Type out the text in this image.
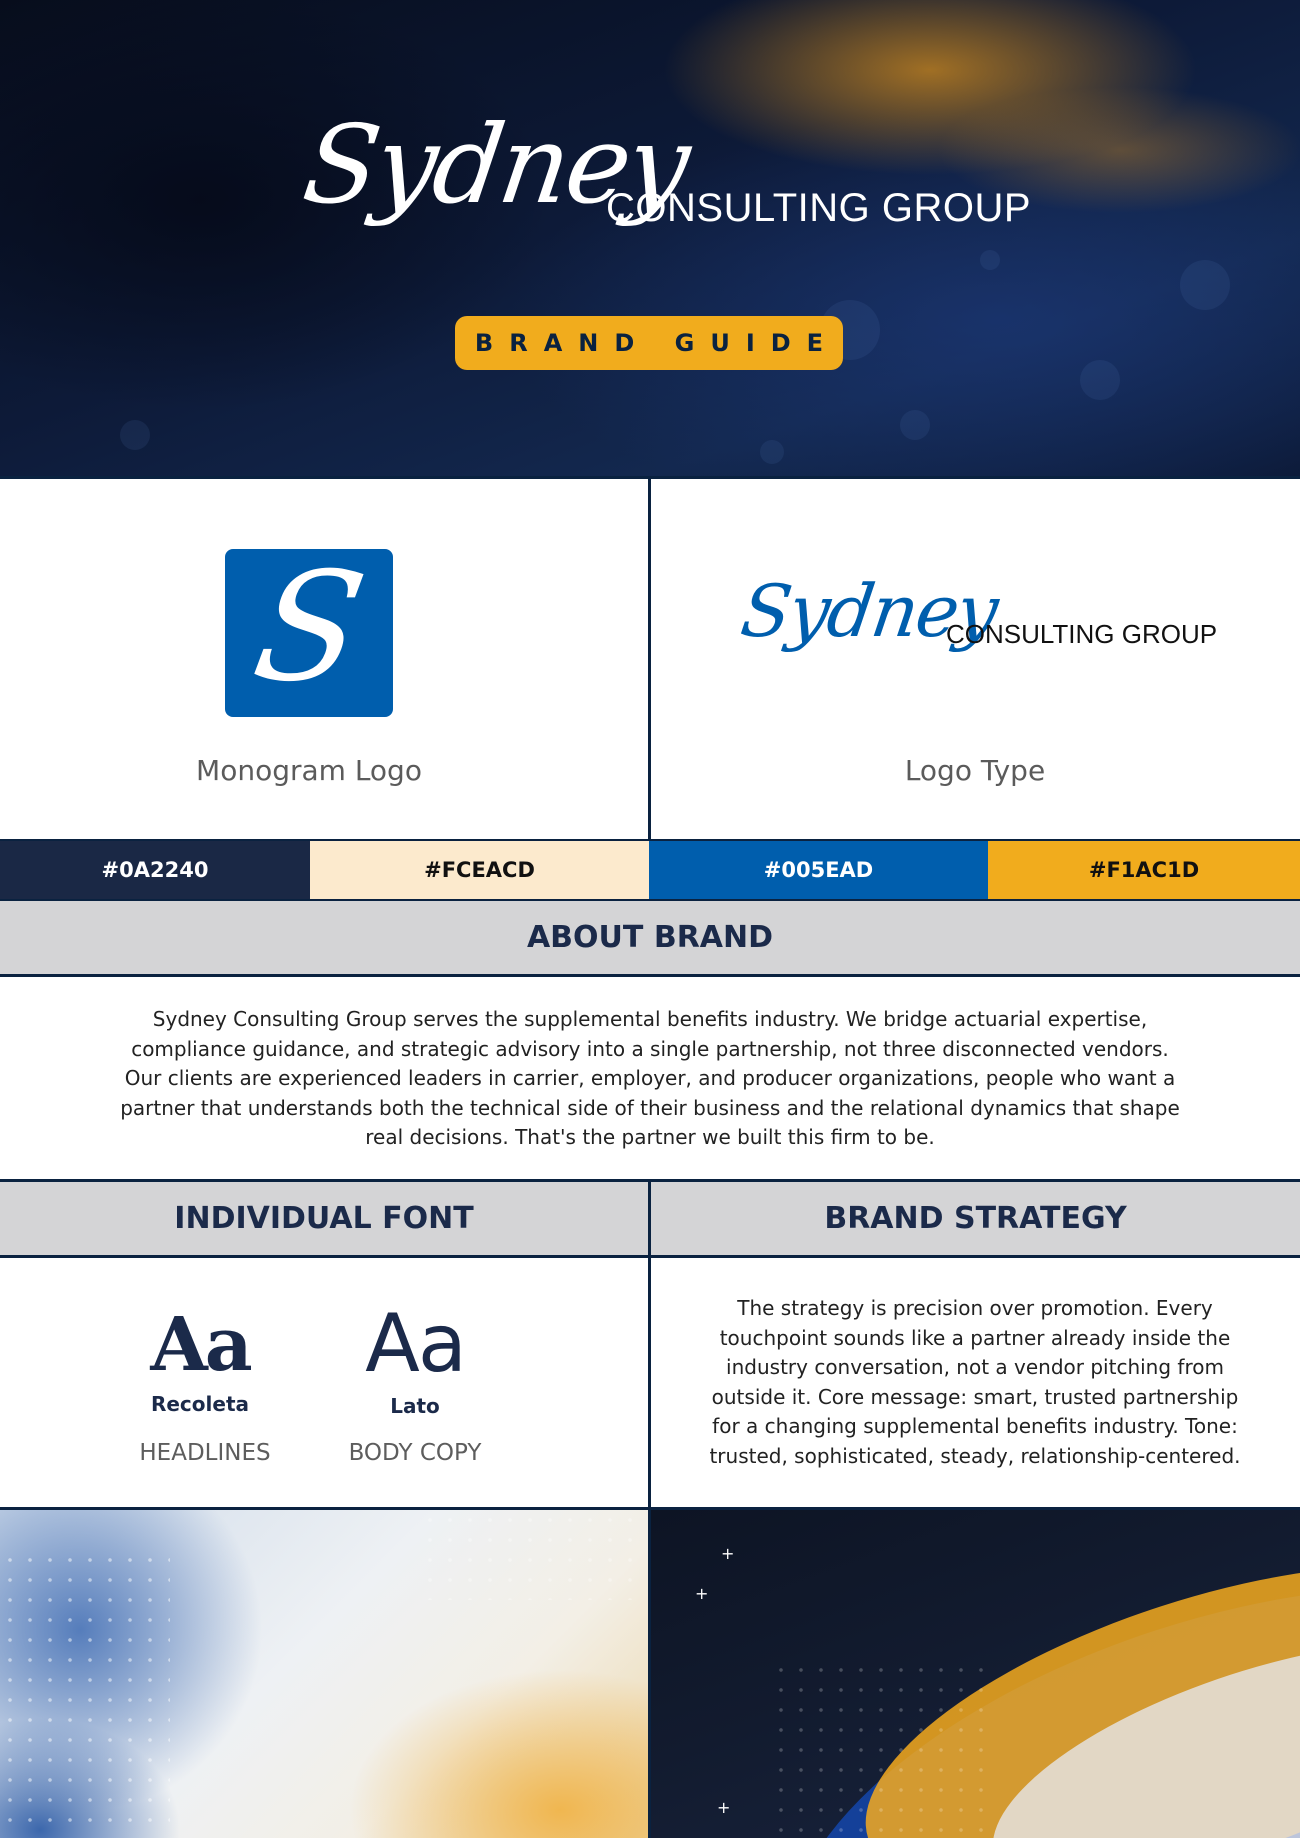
Sydney
CONSULTING GROUP
BRAND GUIDE
S
Monogram Logo
Sydney
CONSULTING GROUP
Logo Type
#0A2240	#FCEACD	#005EAD	#F1AC1D
ABOUT BRAND
Sydney Consulting Group serves the supplemental benefits industry. We bridge actuarial expertise, compliance guidance, and strategic advisory into a single partnership, not three disconnected vendors. Our clients are experienced leaders in carrier, employer, and producer organizations, people who want a partner that understands both the technical side of their business and the relational dynamics that shape real decisions. That's the partner we built this firm to be.
INDIVIDUAL FONT	BRAND STRATEGY
Aa
Recoleta
HEADLINES
Aa
Lato
BODY COPY
The strategy is precision over promotion. Every touchpoint sounds like a partner already inside the industry conversation, not a vendor pitching from outside it. Core message: smart, trusted partnership for a changing supplemental benefits industry. Tone: trusted, sophisticated, steady, relationship-centered.
+
+
+
